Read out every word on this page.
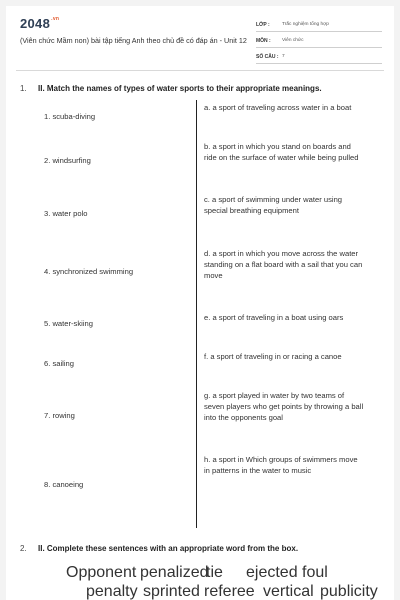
$2048^{.vn}$
(Viên chức Mầm non) bài tập tiếng Anh theo chủ đề có đáp án - Unit 12
LỚP :	Trắc nghiệm tổng hợp
MÔN :	Viên chức
SỐ CÂU : 7
1. II. Match the names of types of water sports to their appropriate meanings.
1. scuba-diving
2. windsurfing
3. water polo
4. synchronized swimming
5. water-skiing
6. sailing
7. rowing
8. canoeing
a. a sport of traveling across water in a boat
b. a sport in which you stand on boards and ride on the surface of water while being pulled
c. a sport of swimming under water using special breathing equipment
d. a sport in which you move across the water standing on a flat board with a sail that you can move
e. a sport of traveling in a boat using oars
f. a sport of traveling in or racing a canoe
g. a sport played in water by two teams of seven players who get points by throwing a ball into the opponents goal
h. a sport in Which groups of swimmers move in patterns in the water to music
2. II. Complete these sentences with an appropriate word from the box.
Opponent penalized
tie ejected foul
penalty sprinted referee vertical publicity
